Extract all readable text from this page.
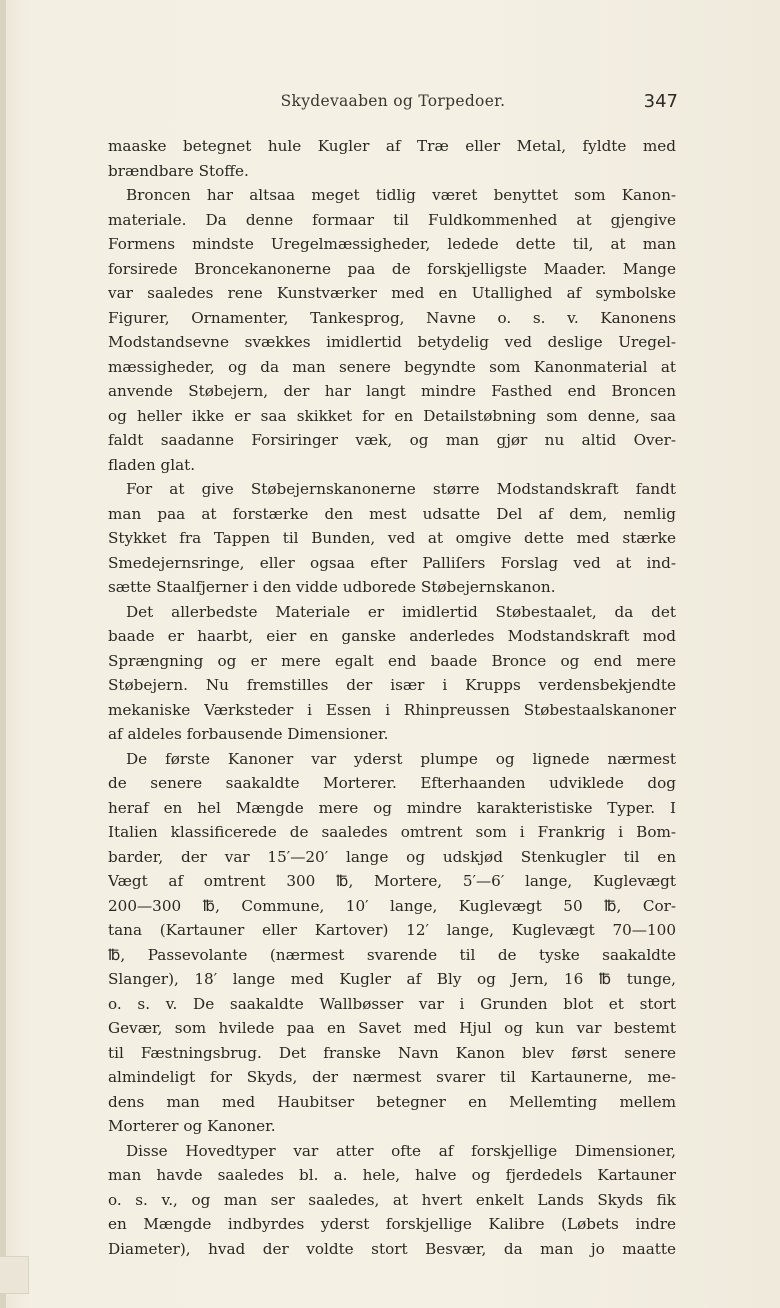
Skydevaaben og Torpedoer.	347
maaske betegnet hule Kugler af Træ eller Metal, fyldte med
brændbare Stoffe.
Broncen har altsaa meget tidlig været benyttet som Kanon-
materiale. Da denne formaar til Fuldkommenhed at gjengive
Formens mindste Uregelmæssigheder, ledede dette til, at man
forsirede Broncekanonerne paa de forskjelligste Maader. Mange
var saaledes rene Kunstværker med en Utallighed af symbolske
Figurer, Ornamenter, Tankesprog, Navne o. s. v. Kanonens
Modstandsevne svækkes imidlertid betydelig ved deslige Uregel-
mæssigheder, og da man senere begyndte som Kanonmaterial at
anvende Støbejern, der har langt mindre Fasthed end Broncen
og heller ikke er saa skikket for en Detailstøbning som denne, saa
faldt saadanne Forsiringer væk, og man gjør nu altid Over-
fladen glat.
For at give Støbejernskanonerne større Modstandskraft fandt
man paa at forstærke den mest udsatte Del af dem, nemlig
Stykket fra Tappen til Bunden, ved at omgive dette med stærke
Smedejernsringe, eller ogsaa efter Palliſers Forslag ved at ind-
sætte Staalfjerner i den vidde udborede Støbejernskanon.
Det allerbedste Materiale er imidlertid Støbestaalet, da det
baade er haarbt, eier en ganske anderledes Modstandskraft mod
Sprængning og er mere egalt end baade Bronce og end mere
Støbejern. Nu fremstilles der især i Krupps verdensbekjendte
mekaniske Værksteder i Essen i Rhinpreussen Støbestaalskanoner
af aldeles forbausende Dimensioner.
De første Kanoner var yderst plumpe og lignede nærmest
de senere saakaldte Morterer. Efterhaanden udviklede dog
heraf en hel Mængde mere og mindre karakteristiske Typer. I
Italien klassificerede de saaledes omtrent som i Frankrig i Bom-
barder, der var 15′—20′ lange og udskjød Stenkugler til en
Vægt af omtrent 300 ℔, Mortere, 5′—6′ lange, Kuglevægt
200—300 ℔, Commune, 10′ lange, Kuglevægt 50 ℔, Cor-
tana (Kartauner eller Kartover) 12′ lange, Kuglevægt 70—100
℔, Passevolante (nærmest svarende til de tyske saakaldte
Slanger), 18′ lange med Kugler af Bly og Jern, 16 ℔ tunge,
o. s. v. De saakaldte Wallbøsser var i Grunden blot et stort
Gevær, som hvilede paa en Savet med Hjul og kun var bestemt
til Fæstningsbrug. Det franske Navn Kanon blev først senere
almindeligt for Skyds, der nærmest svarer til Kartaunerne, me-
dens man med Haubitser betegner en Mellemting mellem
Morterer og Kanoner.
Disse Hovedtyper var atter ofte af forskjellige Dimensioner,
man havde saaledes bl. a. hele, halve og fjerdedels Kartauner
o. s. v., og man ser saaledes, at hvert enkelt Lands Skyds fik
en Mængde indbyrdes yderst forskjellige Kalibre (Løbets indre
Diameter), hvad der voldte stort Besvær, da man jo maatte
